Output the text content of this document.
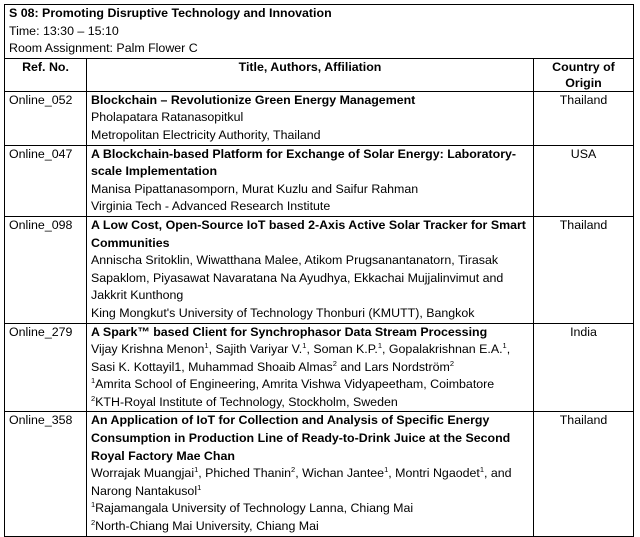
S 08: Promoting Disruptive Technology and Innovation
Time: 13:30 – 15:10
Room Assignment: Palm Flower C		

Ref. No.	Title, Authors, Affiliation	Country of
Origin

Online_052	Blockchain – Revolutionize Green Energy Management
Pholapatara Ratanasopitkul
Metropolitan Electricity Authority, Thailand	Thailand
Online_047	A Blockchain-based Platform for Exchange of Solar Energy: Laboratory-scale Implementation
Manisa Pipattanasomporn, Murat Kuzlu and Saifur Rahman
Virginia Tech - Advanced Research Institute	USA
Online_098	A Low Cost, Open-Source IoT based 2-Axis Active Solar Tracker for Smart Communities
Annischa Sritoklin, Wiwatthana Malee, Atikom Prugsanantanatorn, Tirasak Sapaklom, Piyasawat Navaratana Na Ayudhya, Ekkachai Mujjalinvimut and Jakkrit Kunthong
King Mongkut's University of Technology Thonburi (KMUTT), Bangkok	Thailand
Online_279	A Spark™ based Client for Synchrophasor Data Stream Processing
Vijay Krishna Menon$^1$, Sajith Variyar V.$^1$, Soman K.P.$^1$, Gopalakrishnan E.A.$^1$, Sasi K. Kottayil1, Muhammad Shoaib Almas$^2$ and Lars Nordström$^2$
$^1$Amrita School of Engineering, Amrita Vishwa Vidyapeetham, Coimbatore
$^2$KTH-Royal Institute of Technology, Stockholm, Sweden	India
Online_358	An Application of IoT for Collection and Analysis of Specific Energy Consumption in Production Line of Ready-to-Drink Juice at the Second Royal Factory Mae Chan
Worrajak Muangjai$^1$, Phiched Thanin$^2$, Wichan Jantee$^1$, Montri Ngaodet$^1$, and Narong Nantakusol$^1$
$^1$Rajamangala University of Technology Lanna, Chiang Mai
$^2$North-Chiang Mai University, Chiang Mai	Thailand
